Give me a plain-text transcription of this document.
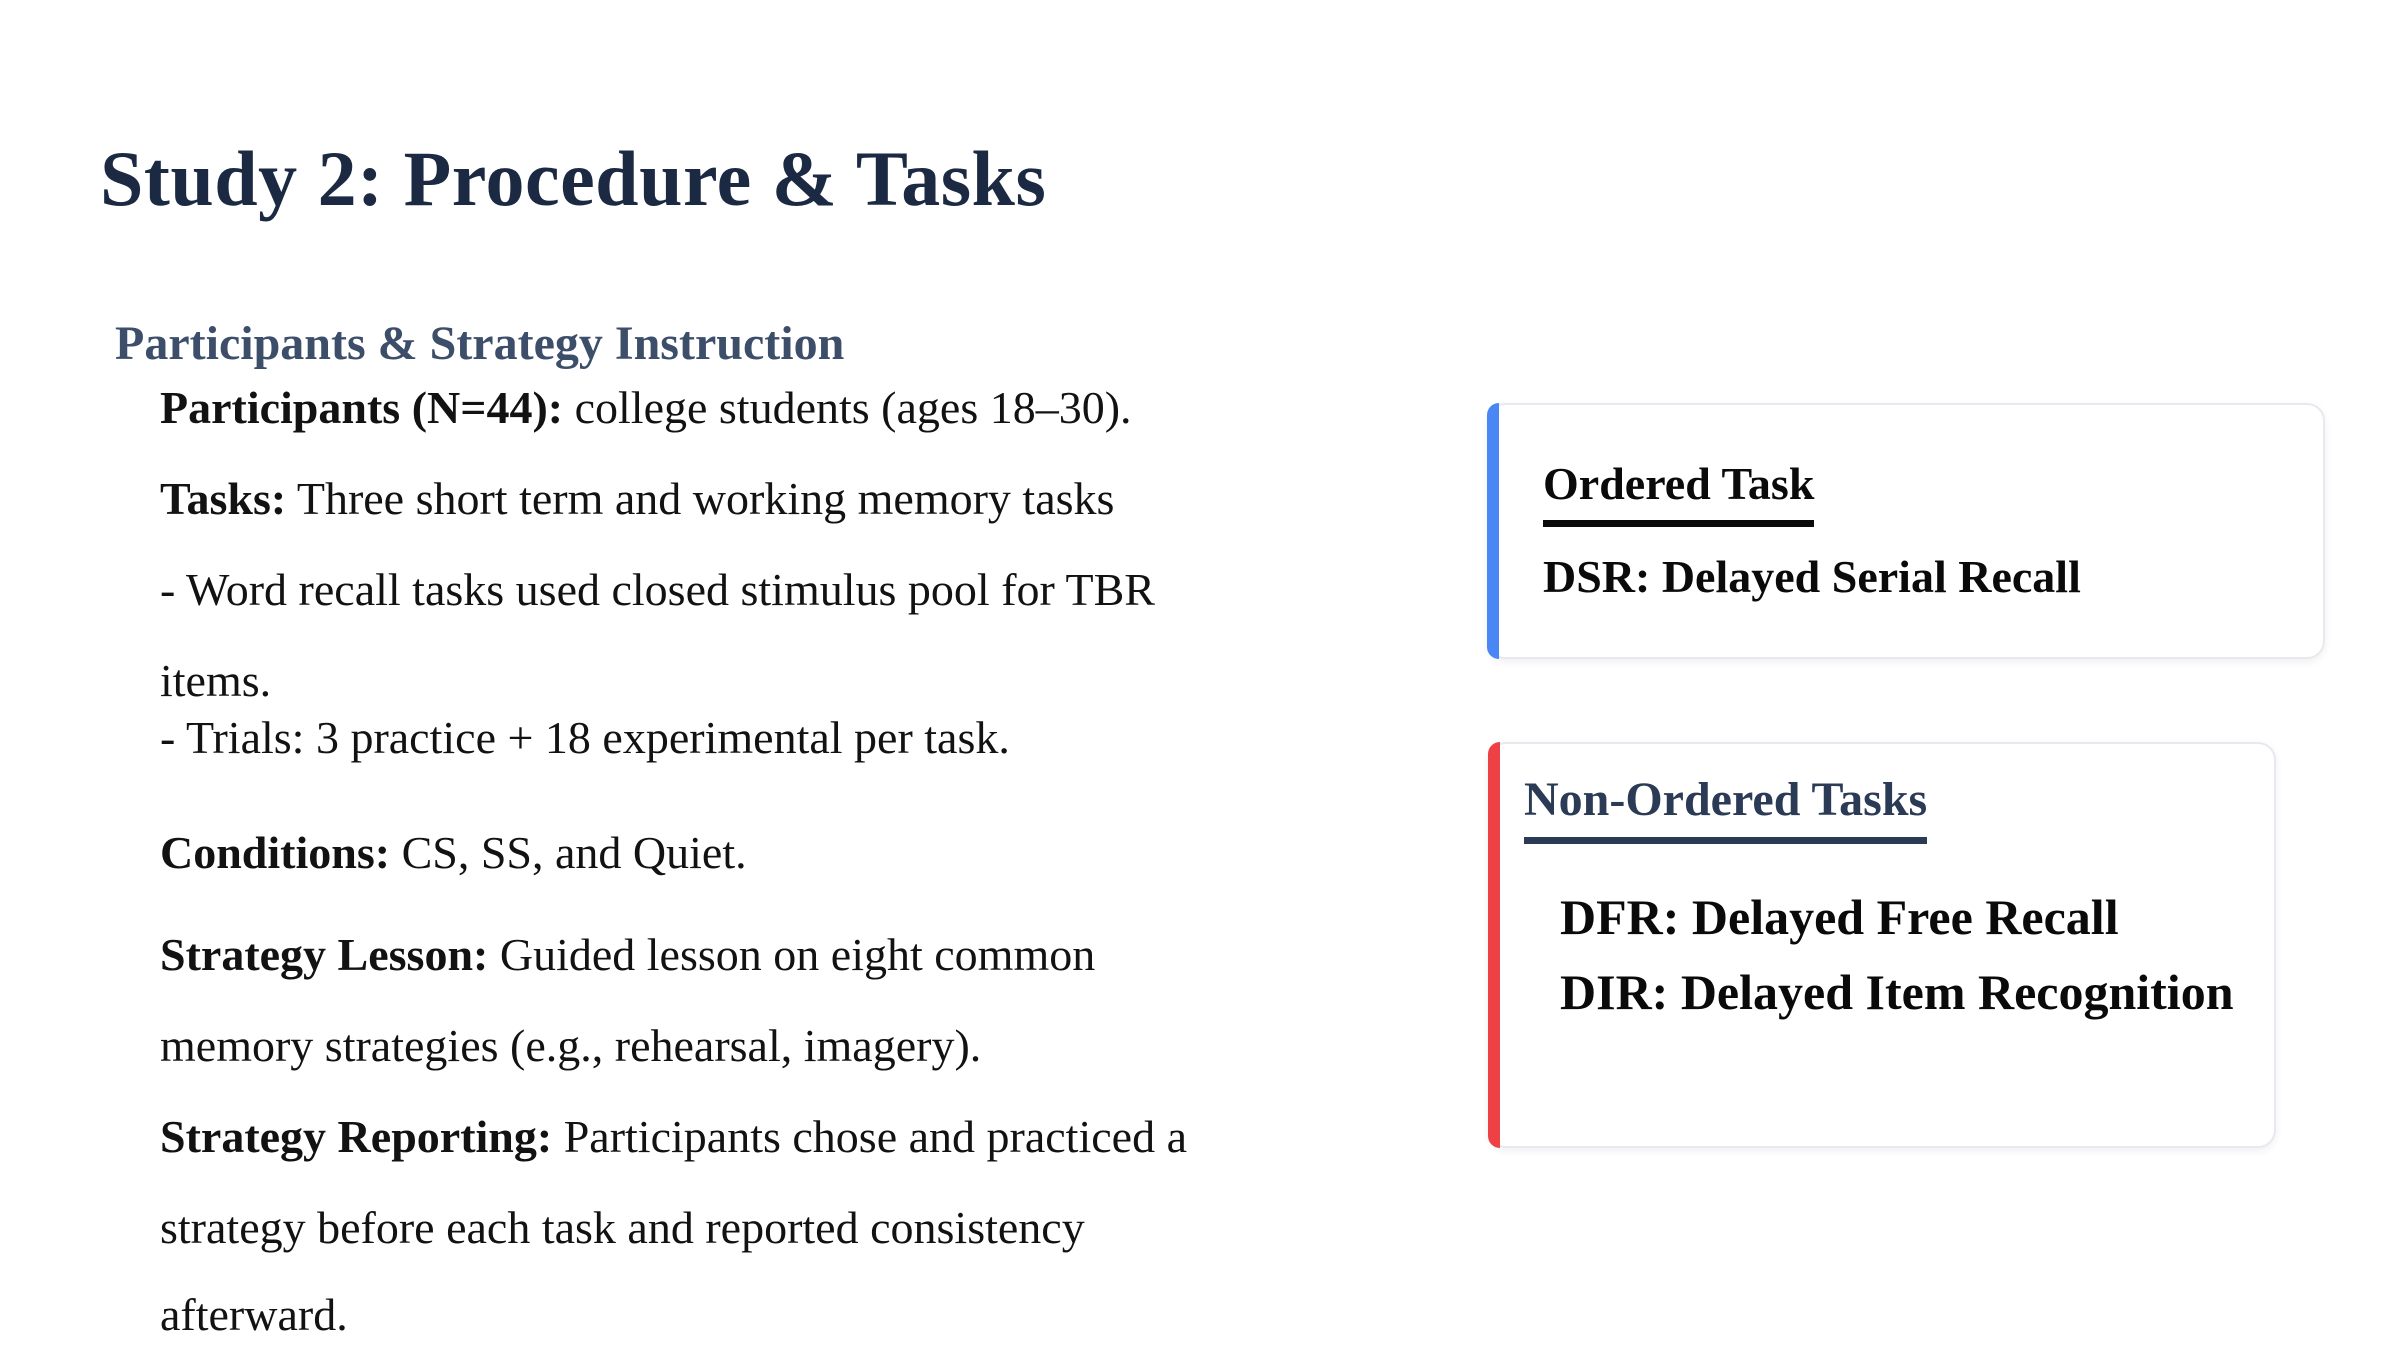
Study 2: Procedure & Tasks
Participants & Strategy Instruction

Participants (N=44): college students (ages 18–30).

Tasks: Three short term and working memory tasks

- Word recall tasks used closed stimulus pool for TBR

items.

- Trials: 3 practice + 18 experimental per task.

Conditions: CS, SS, and Quiet.

Strategy Lesson: Guided lesson on eight common

memory strategies (e.g., rehearsal, imagery).

Strategy Reporting: Participants chose and practiced a

strategy before each task and reported consistency

afterward.

Ordered Task

DSR: Delayed Serial Recall

Non-Ordered Tasks

DFR: Delayed Free Recall

DIR: Delayed Item Recognition
